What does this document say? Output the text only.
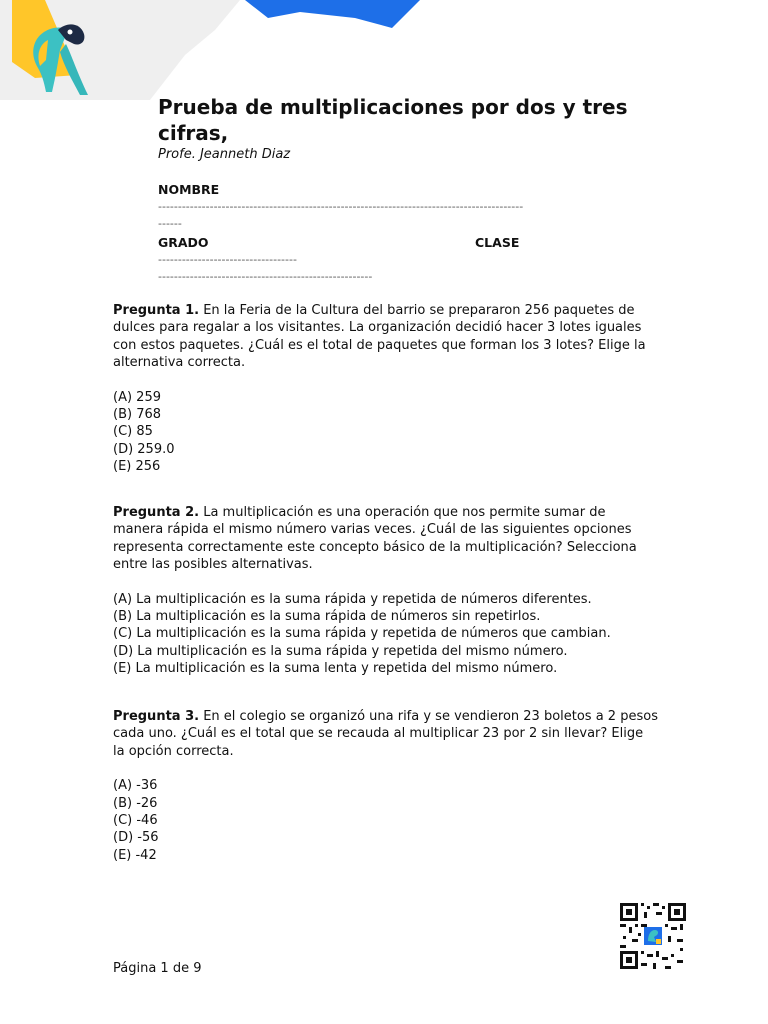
Prueba de multiplicaciones por dos y tres cifras,

Profe. Jeanneth Diaz

NOMBRE
--------------------------------------------------------------------------------------------
------
GRADO	CLASE
-----------------------------------
------------------------------------------------------

Pregunta 1. En la Feria de la Cultura del barrio se prepararon 256 paquetes de dulces para regalar a los visitantes. La organización decidió hacer 3 lotes iguales con estos paquetes. ¿Cuál es el total de paquetes que forman los 3 lotes? Elige la alternativa correcta.

(A) 259
(B) 768
(C) 85
(D) 259.0
(E) 256

Pregunta 2. La multiplicación es una operación que nos permite sumar de manera rápida el mismo número varias veces. ¿Cuál de las siguientes opciones representa correctamente este concepto básico de la multiplicación? Selecciona entre las posibles alternativas.

(A) La multiplicación es la suma rápida y repetida de números diferentes.
(B) La multiplicación es la suma rápida de números sin repetirlos.
(C) La multiplicación es la suma rápida y repetida de números que cambian.
(D) La multiplicación es la suma rápida y repetida del mismo número.
(E) La multiplicación es la suma lenta y repetida del mismo número.

Pregunta 3. En el colegio se organizó una rifa y se vendieron 23 boletos a 2 pesos cada uno. ¿Cuál es el total que se recauda al multiplicar 23 por 2 sin llevar? Elige la opción correcta.

(A) -36
(B) -26
(C) -46
(D) -56
(E) -42
Página 1 de 9
